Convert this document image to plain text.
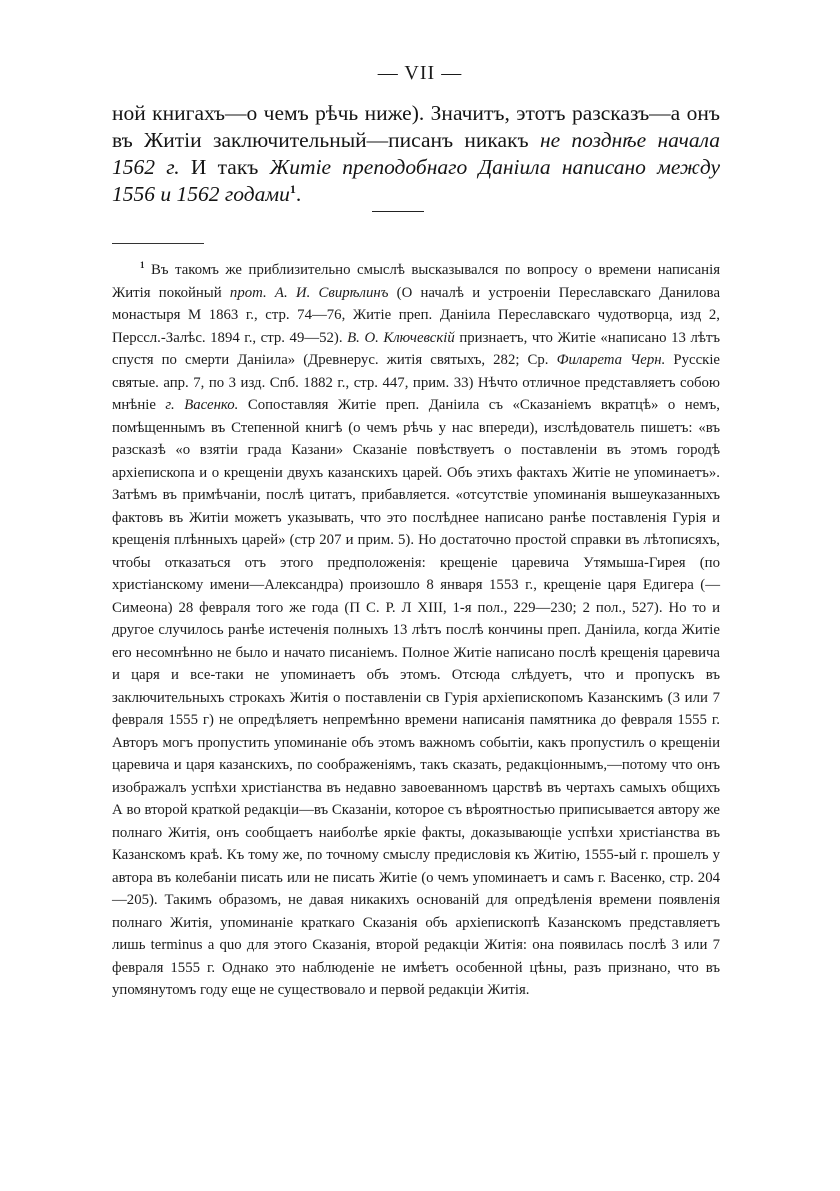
— VII —

ной книгахъ—о чемъ рѣчь ниже). Значитъ, этотъ разсказъ—а онъ въ Житіи заключительный—писанъ никакъ не позднѣе начала 1562 г. И такъ Житіе преподобнаго Даніила написано между 1556 и 1562 годами$^1$.

$^1$ Въ такомъ же приблизительно смыслѣ высказывался по вопросу о времени написанія Житія покойный прот. А. И. Свирѣлинъ (О началѣ и устроеніи Переславскаго Даниловa монастыря М 1863 г., стр. 74—76, Житіе преп. Даніила Переславскаго чудотворца, изд 2, Перссл.-Залѣс. 1894 г., стр. 49—52). В. О. Ключевскій признаетъ, что Житіе «написано 13 лѣтъ спустя по смерти Даніила» (Древнерус. житія святыхъ, 282; Ср. Филарета Черн. Русскіе святые. апр. 7, по 3 изд. Спб. 1882 г., стр. 447, прим. 33) Нѣчто отличное представляетъ собою мнѣніе г. Васенко. Сопоставляя Житіе преп. Даніила съ «Сказаніемъ вкратцѣ» о немъ, помѣщеннымъ въ Степенной книгѣ (о чемъ рѣчь у нас впереди), изслѣдователь пишетъ: «въ разсказѣ «о взятіи града Казани» Сказаніе повѣствуетъ о поставленіи въ этомъ городѣ архіепископа и о крещеніи двухъ казанскихъ царей. Объ этихъ фактахъ Житіе не упоминаетъ». Затѣмъ въ примѣчаніи, послѣ цитатъ, прибавляется. «отсутствіе упоминанія вышеуказанныхъ фактовъ въ Житіи можетъ указывать, что это послѣднее написано ранѣе поставленія Гурія и крещенія плѣнныхъ царей» (стр 207 и прим. 5). Но достаточно простой справки въ лѣтописяхъ, чтобы отказаться отъ этого предположенія: крещеніе царевича Утямыша-Гирея (по христіанскому имени—Александра) произошло 8 января 1553 г., крещеніе царя Едигера (—Симеона) 28 февраля того же года (П С. Р. Л XIII, 1-я пол., 229—230; 2 пол., 527). Но то и другое случилось ранѣе истеченія полныхъ 13 лѣтъ послѣ кончины преп. Даніила, когда Житіе его несомнѣнно не было и начато писаніемъ. Полное Житіе написано послѣ крещенія царевича и царя и все-таки не упоминаетъ объ этомъ. Отсюда слѣдуетъ, что и пропускъ въ заключительныхъ строкахъ Житія о поставленіи св Гурія архіепископомъ Казанскимъ (3 или 7 февраля 1555 г) не опредѣляетъ непремѣнно времени написанія памятника до февраля 1555 г. Авторъ могъ пропустить упоминаніе объ этомъ важномъ событіи, какъ пропустилъ о крещеніи царевича и царя казанскихъ, по соображеніямъ, такъ сказать, редакціоннымъ,—потому что онъ изображалъ успѣхи христіанства въ недавно завоеванномъ царствѣ въ чертахъ самыхъ общихъ А во второй краткой редакціи—въ Сказаніи, которое съ вѣроятностью приписывается автору же полнаго Житія, онъ сообщаетъ наиболѣе яркіе факты, доказывающіе успѣхи христіанства въ Казанскомъ краѣ. Къ тому же, по точному смыслу предисловія къ Житію, 1555-ый г. прошелъ у автора въ колебаніи писать или не писать Житіе (о чемъ упоминаетъ и самъ г. Васенко, стр. 204—205). Такимъ образомъ, не давая никакихъ основаній для опредѣленія времени появленія полнаго Житія, упоминаніе краткаго Сказанія объ архіепископѣ Казанскомъ представляетъ лишь terminus a quo для этого Сказанія, второй редакціи Житія: она появилась послѣ 3 или 7 февраля 1555 г. Однако это наблюденіе не имѣетъ особенной цѣны, разъ признано, что въ упомянутомъ году еще не существовало и первой редакціи Житія.
